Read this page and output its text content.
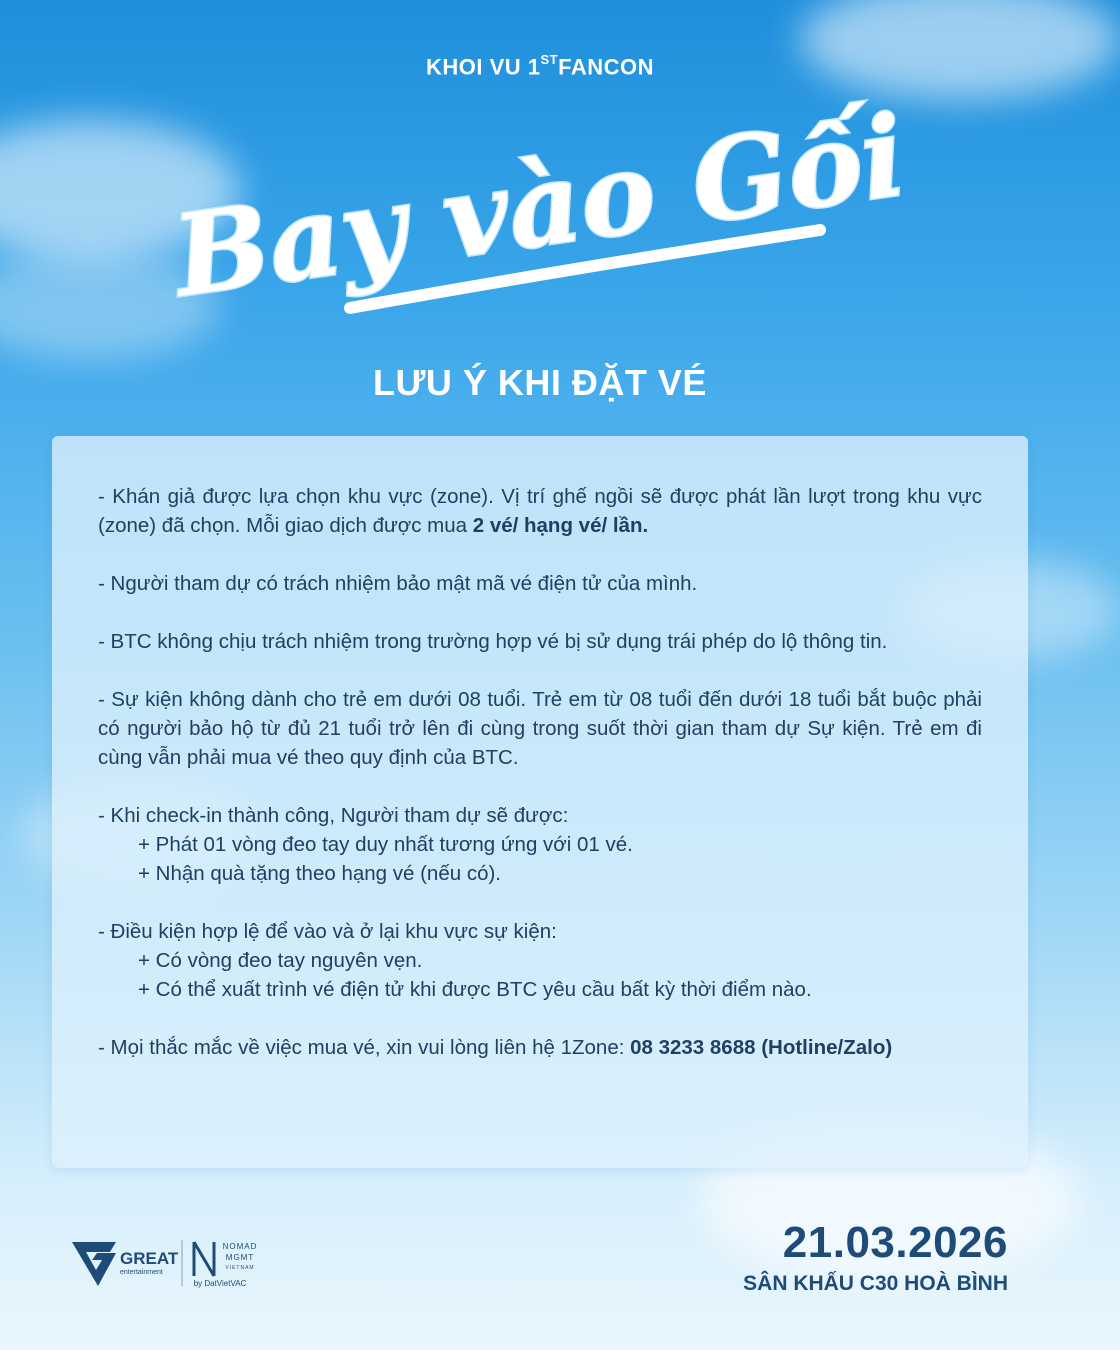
KHOI VU 1STFANCON
Bay vào Gối
LƯU Ý KHI ĐẶT VÉ

- Khán giả được lựa chọn khu vực (zone). Vị trí ghế ngồi sẽ được phát lần lượt trong khu vực (zone) đã chọn. Mỗi giao dịch được mua 2 vé/ hạng vé/ lần.

- Người tham dự có trách nhiệm bảo mật mã vé điện tử của mình.

- BTC không chịu trách nhiệm trong trường hợp vé bị sử dụng trái phép do lộ thông tin.

- Sự kiện không dành cho trẻ em dưới 08 tuổi. Trẻ em từ 08 tuổi đến dưới 18 tuổi bắt buộc phải có người bảo hộ từ đủ 21 tuổi trở lên đi cùng trong suốt thời gian tham dự Sự kiện. Trẻ em đi cùng vẫn phải mua vé theo quy định của BTC.

- Khi check-in thành công, Người tham dự sẽ được:
+ Phát 01 vòng đeo tay duy nhất tương ứng với 01 vé.
+ Nhận quà tặng theo hạng vé (nếu có).
- Điều kiện hợp lệ để vào và ở lại khu vực sự kiện:
+ Có vòng đeo tay nguyên vẹn.
+ Có thể xuất trình vé điện tử khi được BTC yêu cầu bất kỳ thời điểm nào.

- Mọi thắc mắc về việc mua vé, xin vui lòng liên hệ 1Zone: 08 3233 8688 (Hotline/Zalo)

GREAT
entertainment
NOMAD
MGMT
VIETNAM
by DatVietVAC
21.03.2026
SÂN KHẤU C30 HOÀ BÌNH
